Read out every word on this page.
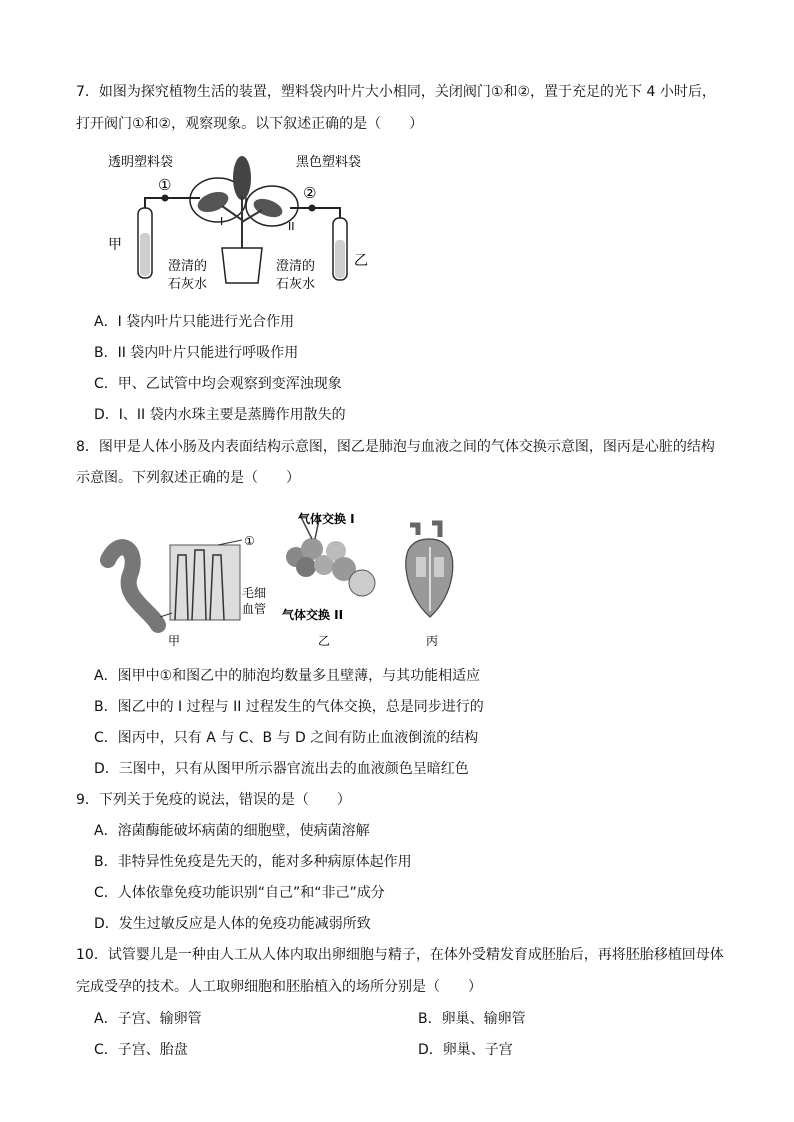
7．如图为探究植物生活的装置，塑料袋内叶片大小相同，关闭阀门①和②，置于充足的光下 4 小时后，
打开阀门①和②，观察现象。以下叙述正确的是（　　）
透明塑料袋	黑色塑料袋
①	②
I	II
甲
乙
澄清的
石灰水
澄清的
石灰水
A．I 袋内叶片只能进行光合作用
B．II 袋内叶片只能进行呼吸作用
C．甲、乙试管中均会观察到变浑浊现象
D．I、II 袋内水珠主要是蒸腾作用散失的
8．图甲是人体小肠及内表面结构示意图，图乙是肺泡与血液之间的气体交换示意图，图丙是心脏的结构
示意图。下列叙述正确的是（　　）
①
毛细
血管
甲
气体交换 I
气体交换 II
乙	丙
A．图甲中①和图乙中的肺泡均数量多且壁薄，与其功能相适应
B．图乙中的 I 过程与 II 过程发生的气体交换，总是同步进行的
C．图丙中，只有 A 与 C、B 与 D 之间有防止血液倒流的结构
D．三图中，只有从图甲所示器官流出去的血液颜色呈暗红色
9．下列关于免疫的说法，错误的是（　　）
A．溶菌酶能破坏病菌的细胞壁，使病菌溶解
B．非特异性免疫是先天的，能对多种病原体起作用
C．人体依靠免疫功能识别“自己”和“非己”成分
D．发生过敏反应是人体的免疫功能减弱所致
10．试管婴儿是一种由人工从人体内取出卵细胞与精子，在体外受精发育成胚胎后，再将胚胎移植回母体
完成受孕的技术。人工取卵细胞和胚胎植入的场所分别是（　　）
A．子宫、输卵管	B．卵巢、输卵管
C．子宫、胎盘	D．卵巢、子宫
